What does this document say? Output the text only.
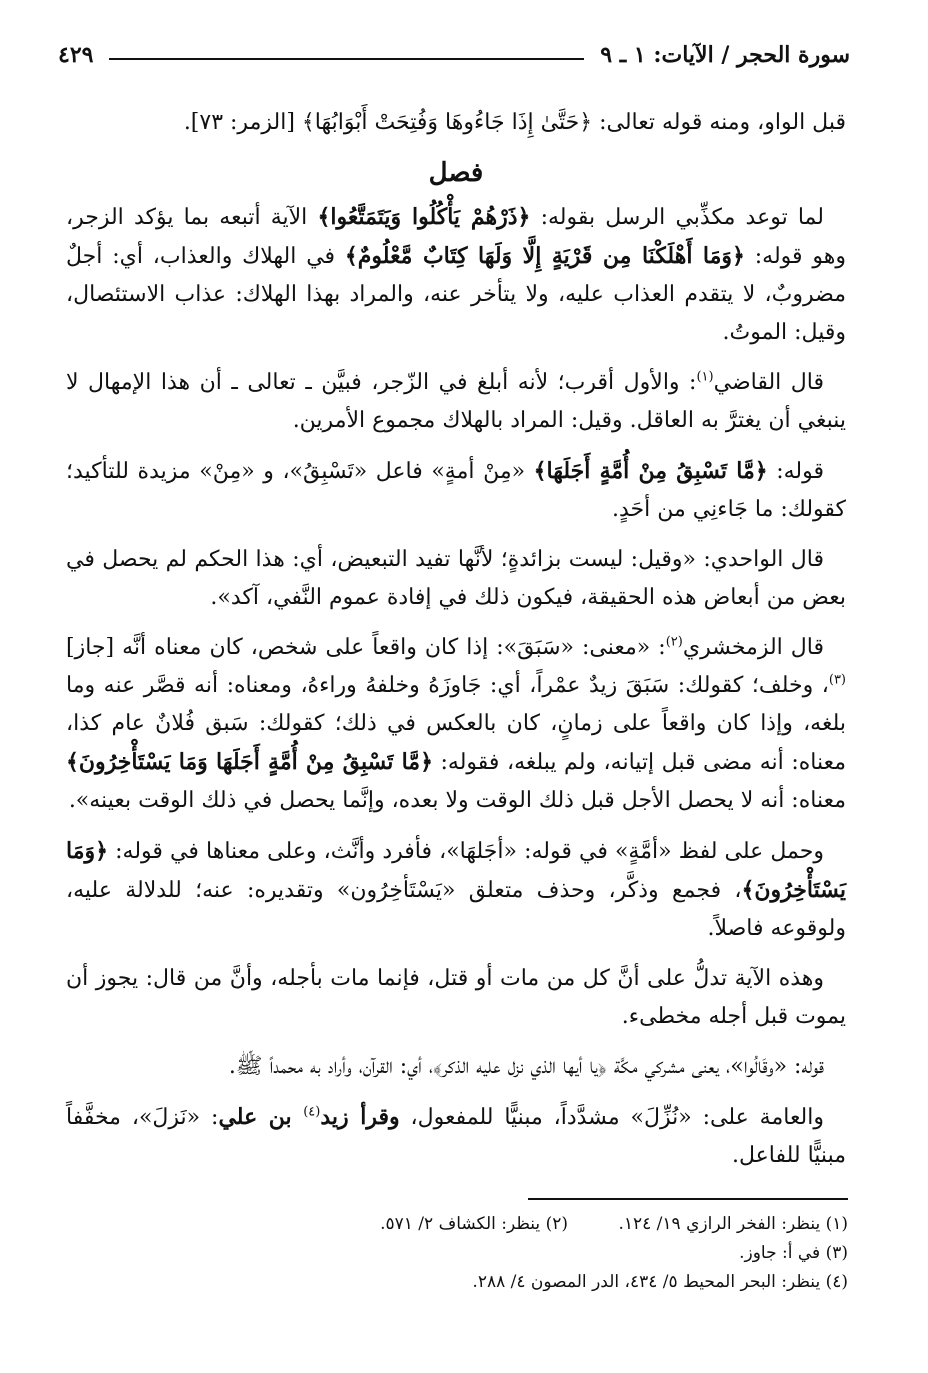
سورة الحجر / الآيات: ١ ـ ٩
٤٢٩

قبل الواو، ومنه قوله تعالى: ﴿حَتَّىٰ إِذَا جَاءُوهَا وَفُتِحَتْ أَبْوَابُهَا﴾ [الزمر: ٧٣].

فصل

لما توعد مكذِّبي الرسل بقوله: ﴿ذَرْهُمْ يَأْكُلُوا وَيَتَمَتَّعُوا﴾ الآية أتبعه بما يؤكد الزجر، وهو قوله: ﴿وَمَا أَهْلَكْنَا مِن قَرْيَةٍ إِلَّا وَلَهَا كِتَابٌ مَّعْلُومٌ﴾ في الهلاك والعذاب، أي: أجلٌ مضروبٌ، لا يتقدم العذاب عليه، ولا يتأخر عنه، والمراد بهذا الهلاك: عذاب الاستئصال، وقيل: الموتُ.

قال القاضي$^{(١)}$: والأول أقرب؛ لأنه أبلغ في الزّجر، فبيَّن ـ تعالى ـ أن هذا الإمهال لا ينبغي أن يغترَّ به العاقل. وقيل: المراد بالهلاك مجموع الأمرين.

قوله: ﴿مَّا تَسْبِقُ مِنْ أُمَّةٍ أَجَلَهَا﴾ «مِنْ أمةٍ» فاعل «تَسْبِقُ»، و «مِنْ» مزيدة للتأكيد؛ كقولك: ما جَاءنِي من أحَدٍ.

قال الواحدي: «وقيل: ليست بزائدةٍ؛ لأنَّها تفيد التبعيض، أي: هذا الحكم لم يحصل في بعض من أبعاض هذه الحقيقة، فيكون ذلك في إفادة عموم النَّفي، آكد».

قال الزمخشري$^{(٢)}$: «معنى: «سَبَقَ»: إذا كان واقعاً على شخص، كان معناه أنَّه [جاز]$^{(٣)}$، وخلف؛ كقولك: سَبَقَ زيدٌ عمْراً، أي: جَاوزَهُ وخلفهُ وراءهُ، ومعناه: أنه قصَّر عنه وما بلغه، وإذا كان واقعاً على زمانٍ، كان بالعكس في ذلك؛ كقولك: سَبق فُلانٌ عام كذا، معناه: أنه مضى قبل إتيانه، ولم يبلغه، فقوله: ﴿مَّا تَسْبِقُ مِنْ أُمَّةٍ أَجَلَهَا وَمَا يَسْتَأْخِرُونَ﴾ معناه: أنه لا يحصل الأجل قبل ذلك الوقت ولا بعده، وإنَّما يحصل في ذلك الوقت بعينه».

وحمل على لفظ «أمَّةٍ» في قوله: «أجَلهَا»، فأفرد وأنَّث، وعلى معناها في قوله: ﴿وَمَا يَسْتَأْخِرُونَ﴾، فجمع وذكَّر، وحذف متعلق «يَسْتَأخِرُون» وتقديره: عنه؛ للدلالة عليه، ولوقوعه فاصلاً.

وهذه الآية تدلُّ على أنَّ كل من مات أو قتل، فإنما مات بأجله، وأنَّ من قال: يجوز أن يموت قبل أجله مخطىء.

قوله: «وقَالُوا»، يعنى مشركي مكَّة ﴿يا أيها الذي نزل عليه الذكر﴾، أي: القرآن، وأراد به محمداً ﷺ.

والعامة على: «نُزِّلَ» مشدَّداً، مبنيًّا للمفعول، وقرأ زيد$^{(٤)}$ بن علي: «نَزلَ»، مخفَّفاً مبنيًّا للفاعل.

(١) ينظر: الفخر الرازي ١٩/ ١٢٤.
(٢) ينظر: الكشاف ٢/ ٥٧١.
(٣) في أ: جاوز.
(٤) ينظر: البحر المحيط ٥/ ٤٣٤، الدر المصون ٤/ ٢٨٨.
